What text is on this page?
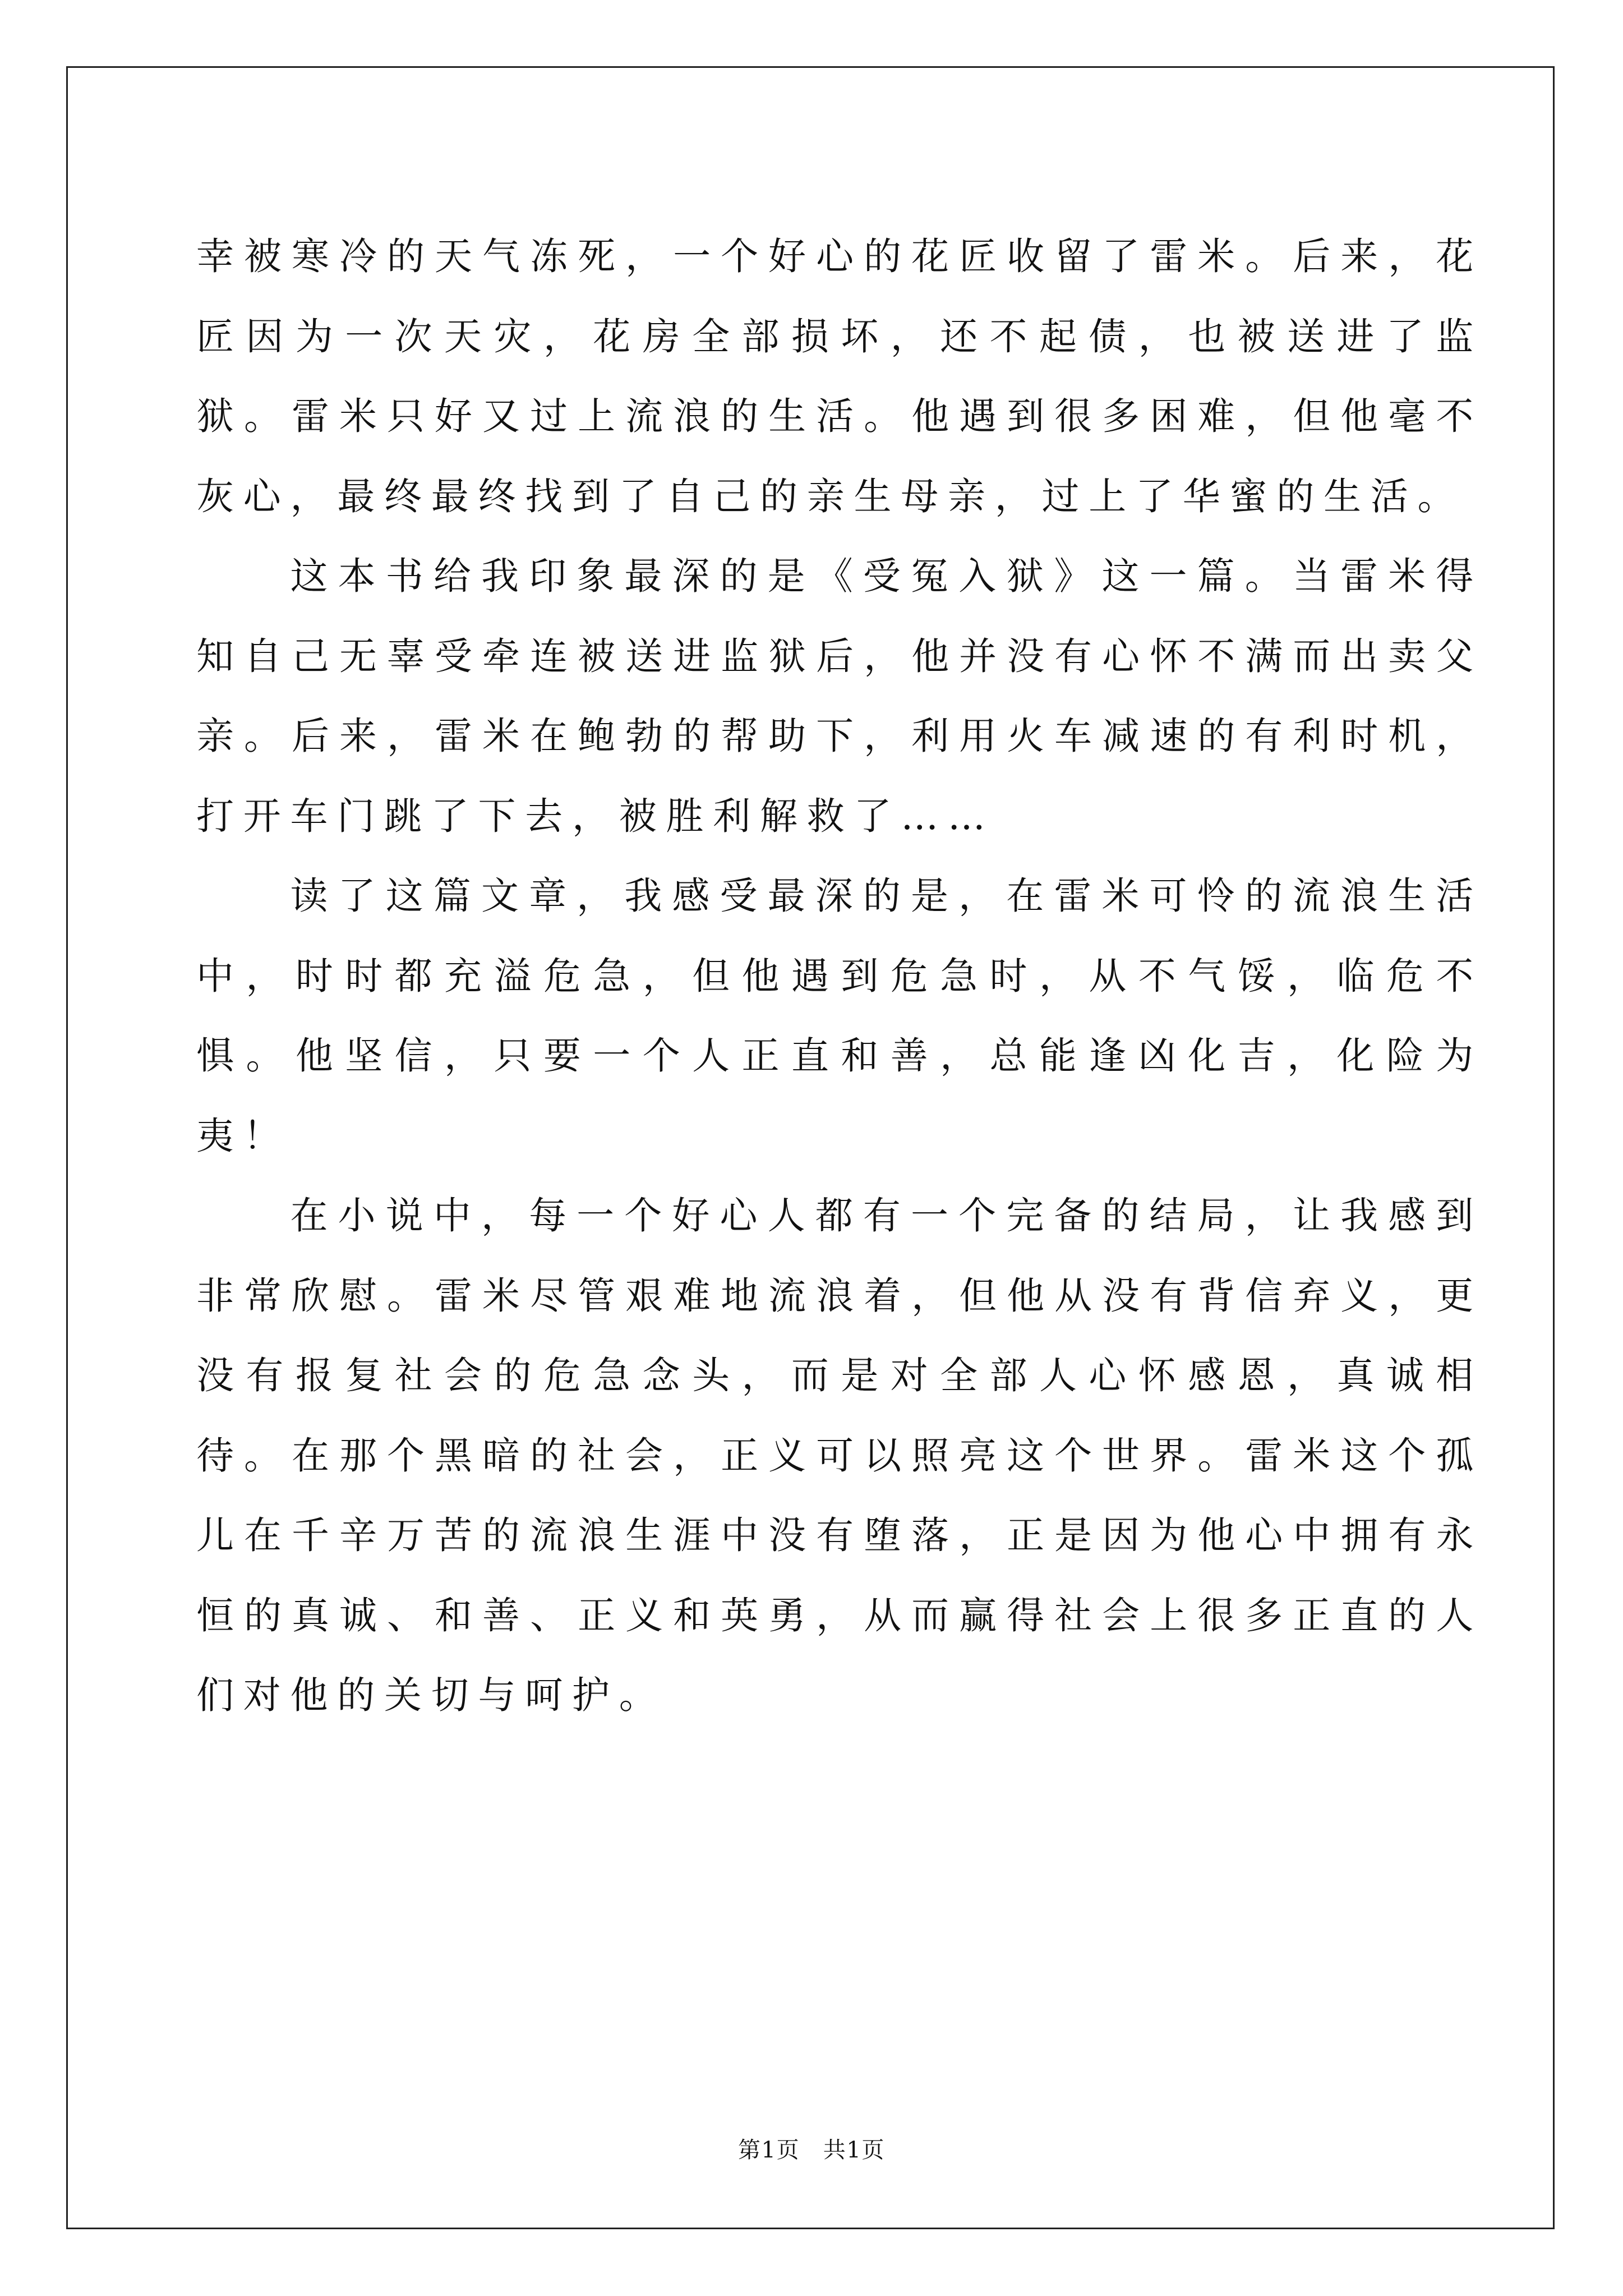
幸被寒冷的天气冻死，一个好心的花匠收留了雷米。后来，花匠因为一次天灾，花房全部损坏，还不起债，也被送进了监狱。雷米只好又过上流浪的生活。他遇到很多困难，但他毫不灰心，最终最终找到了自己的亲生母亲，过上了华蜜的生活。

这本书给我印象最深的是《受冤入狱》这一篇。当雷米得知自己无辜受牵连被送进监狱后，他并没有心怀不满而出卖父亲。后来，雷米在鲍勃的帮助下，利用火车减速的有利时机，打开车门跳了下去，被胜利解救了……

读了这篇文章，我感受最深的是，在雷米可怜的流浪生活中，时时都充溢危急，但他遇到危急时，从不气馁，临危不惧。他坚信，只要一个人正直和善，总能逢凶化吉，化险为夷！

在小说中，每一个好心人都有一个完备的结局，让我感到非常欣慰。雷米尽管艰难地流浪着，但他从没有背信弃义，更没有报复社会的危急念头，而是对全部人心怀感恩，真诚相待。在那个黑暗的社会，正义可以照亮这个世界。雷米这个孤儿在千辛万苦的流浪生涯中没有堕落，正是因为他心中拥有永恒的真诚、和善、正义和英勇，从而赢得社会上很多正直的人们对他的关切与呵护。

第1页　共1页
